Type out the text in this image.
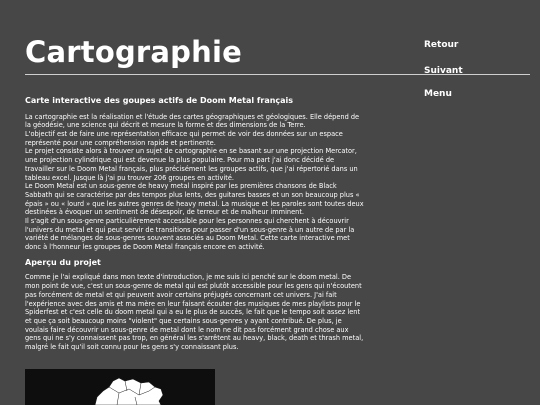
Cartographie	Retour
Suivant
Menu
Carte interactive des goupes actifs de Doom Metal français

La cartographie est la réalisation et l'étude des cartes géographiques et géologiques. Elle dépend de la géodésie, une science qui décrit et mesure la forme et des dimensions de la Terre.
L'objectif est de faire une représentation efficace qui permet de voir des données sur un espace représenté pour une compréhension rapide et pertinente.
Le projet consiste alors à trouver un sujet de cartographie en se basant sur une projection Mercator, une projection cylindrique qui est devenue la plus populaire. Pour ma part j'ai donc décidé de travailler sur le Doom Metal français, plus précisément les groupes actifs, que j'ai répertorié dans un tableau excel. Jusque là j'ai pu trouver 206 groupes en activité.
Le Doom Metal est un sous-genre de heavy metal inspiré par les premières chansons de Black Sabbath qui se caractérise par des tempos plus lents, des guitares basses et un son beaucoup plus « épais » ou « lourd » que les autres genres de heavy metal. La musique et les paroles sont toutes deux destinées à évoquer un sentiment de désespoir, de terreur et de malheur imminent.
Il s'agit d'un sous-genre particulièrement accessible pour les personnes qui cherchent à découvrir l'univers du metal et qui peut servir de transitions pour passer d'un sous-genre à un autre de par la variété de mélanges de sous-genres souvent associés au Doom Metal. Cette carte interactive met donc à l'honneur les groupes de Doom Metal français encore en activité.

Aperçu du projet

Comme je l'ai expliqué dans mon texte d'introduction, je me suis ici penché sur le doom metal. De mon point de vue, c'est un sous-genre de metal qui est plutôt accessible pour les gens qui n'écoutent pas forcément de metal et qui peuvent avoir certains préjugés concernant cet univers. J'ai fait l'expérience avec des amis et ma mère en leur faisant écouter des musiques de mes playlists pour le Spiderfest et c'est celle du doom metal qui a eu le plus de succès, le fait que le tempo soit assez lent et que ça soit beaucoup moins "violent" que certains sous-genres y ayant contribué. De plus, je voulais faire découvrir un sous-genre de metal dont le nom ne dit pas forcément grand chose aux gens qui ne s'y connaissent pas trop, en général les s'arrêtent au heavy, black, death et thrash metal, malgré le fait qu'il soit connu pour les gens s'y connaissant plus.
